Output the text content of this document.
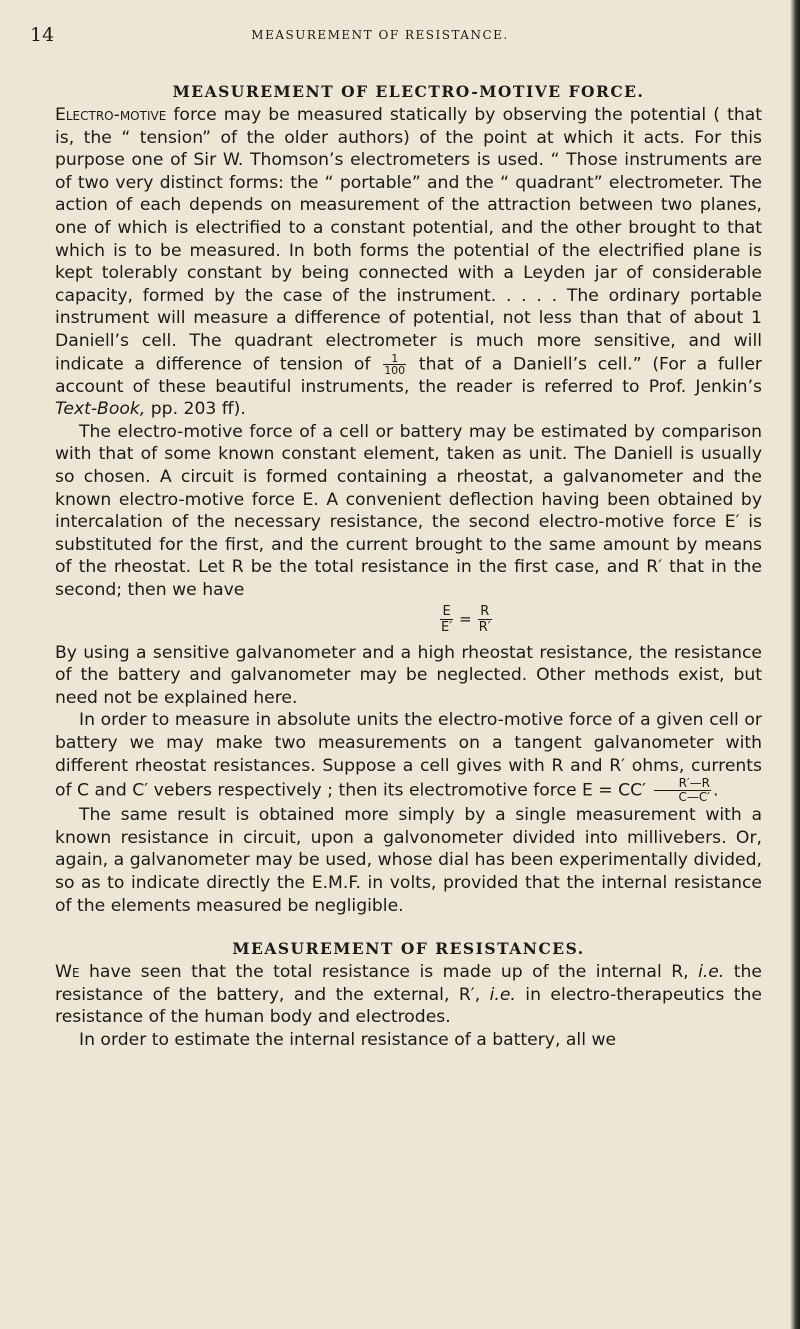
14	MEASUREMENT OF RESISTANCE.
MEASUREMENT OF ELECTRO-MOTIVE FORCE.

Electro-motive force may be measured statically by observing the potential ( that is, the “ tension” of the older authors) of the point at which it acts. For this purpose one of Sir W. Thomson’s electrometers is used. “ Those instruments are of two very distinct forms: the “ portable” and the “ quadrant” electrometer. The action of each depends on measurement of the attraction between two planes, one of which is electrified to a constant potential, and the other brought to that which is to be measured. In both forms the potential of the electrified plane is kept tolerably constant by being connected with a Leyden jar of considerable capacity, formed by the case of the instrument. . . . . The ordinary portable instrument will measure a difference of potential, not less than that of about 1 Daniell’s cell. The quadrant electrometer is much more sensitive, and will indicate a difference of tension of $\frac{1}{100}$ that of a Daniell’s cell.” (For a fuller account of these beautiful instruments, the reader is referred to Prof. Jenkin’s Text-Book, pp. 203 ff).

The electro-motive force of a cell or battery may be estimated by comparison with that of some known constant element, taken as unit. The Daniell is usually so chosen. A circuit is formed containing a rheostat, a galvanometer and the known electro-motive force E. A convenient deflection having been obtained by intercalation of the necessary resistance, the second electro-motive force E′ is substituted for the first, and the current brought to the same amount by means of the rheostat. Let R be the total resistance in the first case, and R′ that in the second; then we have

$\frac{E}{E'} = \frac{R}{R'}$

By using a sensitive galvanometer and a high rheostat resistance, the resistance of the battery and galvanometer may be neglected. Other methods exist, but need not be explained here.

In order to measure in absolute units the electro-motive force of a given cell or battery we may make two measurements on a tangent galvanometer with different rheostat resistances. Suppose a cell gives with R and R′ ohms, currents of C and C′ vebers respectively ; then its electromotive force $E = CC' \frac{R'—R}{C—C'}$ .

The same result is obtained more simply by a single measurement with a known resistance in circuit, upon a galvonometer divided into millivebers. Or, again, a galvanometer may be used, whose dial has been experimentally divided, so as to indicate directly the E.M.F. in volts, provided that the internal resistance of the elements measured be negligible.

MEASUREMENT OF RESISTANCES.

We have seen that the total resistance is made up of the internal R, i.e. the resistance of the battery, and the external, R′, i.e. in electro-therapeutics the resistance of the human body and electrodes.

In order to estimate the internal resistance of a battery, all we
